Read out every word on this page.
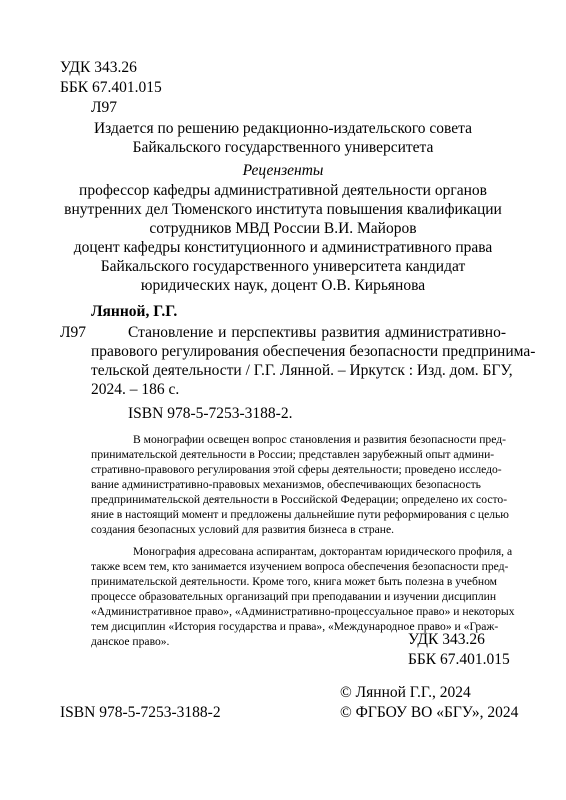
УДК 343.26
ББК 67.401.015
Л97
Издается по решению редакционно-издательского совета
Байкальского государственного университета
Рецензенты
профессор кафедры административной деятельности органов
внутренних дел Тюменского института повышения квалификации
сотрудников МВД России В.И. Майоров
доцент кафедры конституционного и административного права
Байкальского государственного университета кандидат
юридических наук, доцент О.В. Кирьянова
Лянной, Г.Г.
Л97	Становление и перспективы развития административно-
правового регулирования обеспечения безопасности предпринима-
тельской деятельности / Г.Г. Лянной. – Иркутск : Изд. дом. БГУ,
2024. – 186 с.
ISBN 978-5-7253-3188-2.
В монографии освещен вопрос становления и развития безопасности пред-
принимательской деятельности в России; представлен зарубежный опыт админи-
стративно-правового регулирования этой сферы деятельности; проведено исследо-
вание административно-правовых механизмов, обеспечивающих безопасность
предпринимательской деятельности в Российской Федерации; определено их состо-
яние в настоящий момент и предложены дальнейшие пути реформирования с целью
создания безопасных условий для развития бизнеса в стране.
Монография адресована аспирантам, докторантам юридического профиля, а
также всем тем, кто занимается изучением вопроса обеспечения безопасности пред-
принимательской деятельности. Кроме того, книга может быть полезна в учебном
процессе образовательных организаций при преподавании и изучении дисциплин
«Административное право», «Административно-процессуальное право» и некоторых
тем дисциплин «История государства и права», «Международное право» и «Граж-
данское право».	УДК 343.26
ББК 67.401.015
© Лянной Г.Г., 2024
ISBN 978-5-7253-3188-2	© ФГБОУ ВО «БГУ», 2024
